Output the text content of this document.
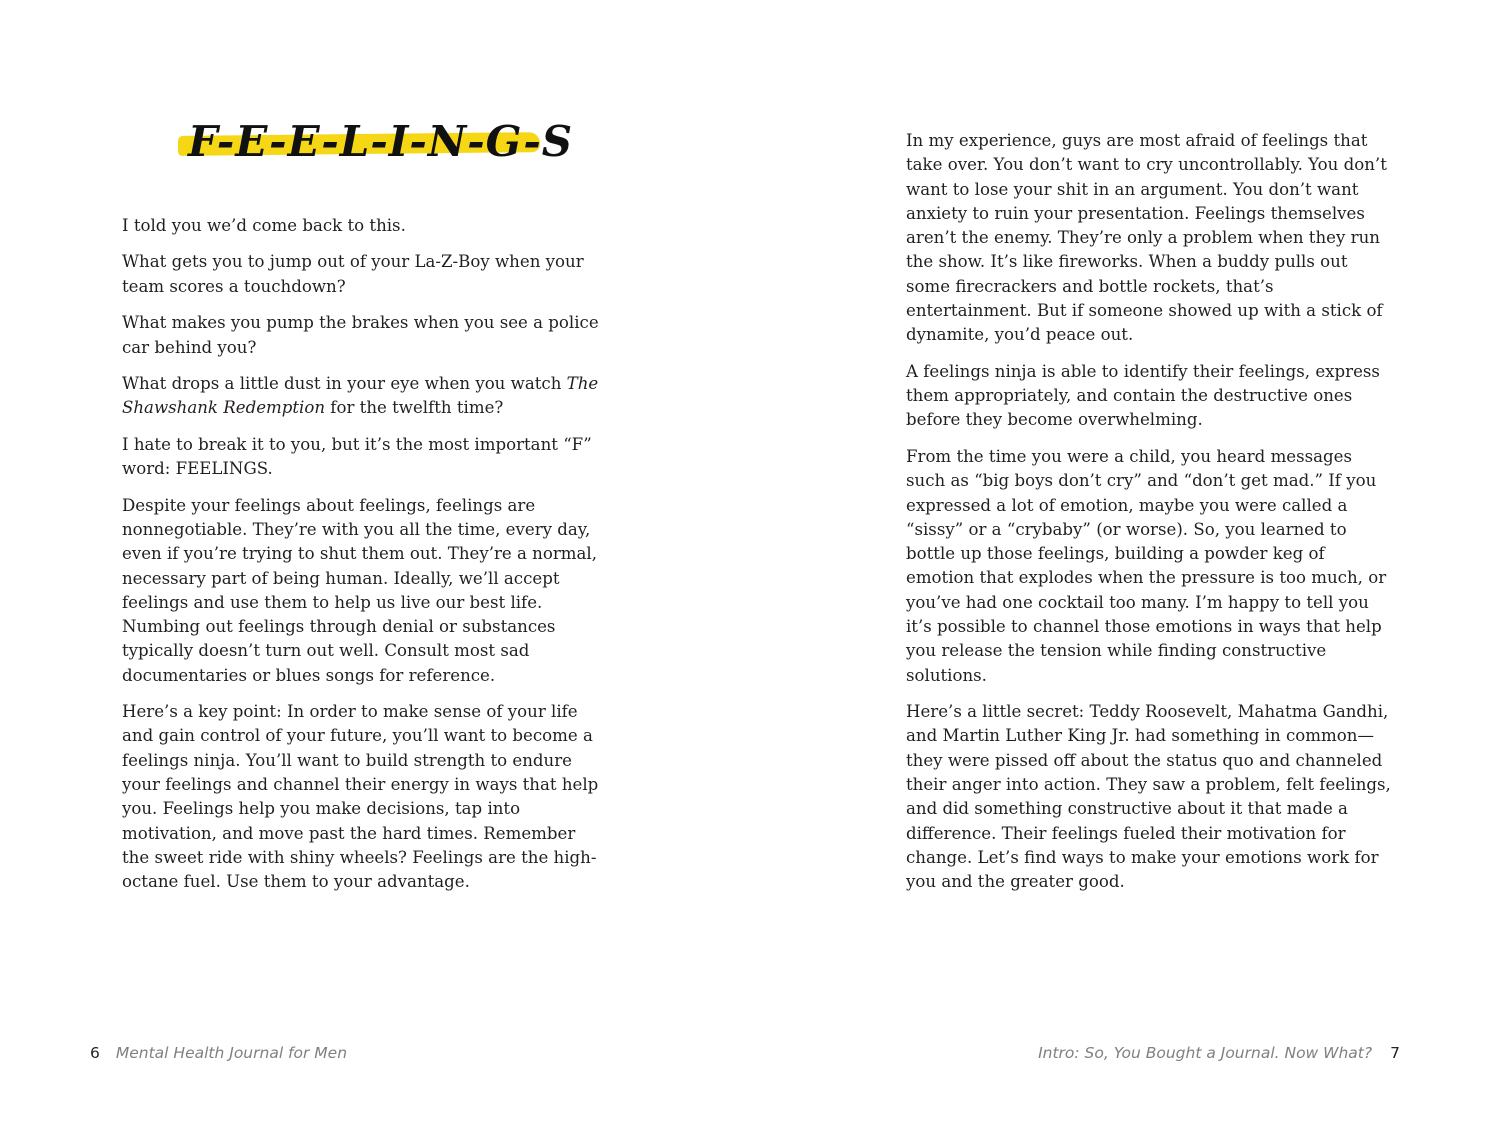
F-E-E-L-I-N-G-S

I told you we’d come back to this.

What gets you to jump out of your La-Z-Boy when your team scores a touchdown?

What makes you pump the brakes when you see a police car behind you?

What drops a little dust in your eye when you watch The Shawshank Redemption for the twelfth time?

I hate to break it to you, but it’s the most important “F” word: FEELINGS.

Despite your feelings about feelings, feelings are nonnegotiable. They’re with you all the time, every day, even if you’re trying to shut them out. They’re a normal, necessary part of being human. Ideally, we’ll accept feelings and use them to help us live our best life. Numbing out feelings through denial or substances typically doesn’t turn out well. Consult most sad documentaries or blues songs for reference.

Here’s a key point: In order to make sense of your life and gain control of your future, you’ll want to become a feelings ninja. You’ll want to build strength to endure your feelings and channel their energy in ways that help you. Feelings help you make decisions, tap into motivation, and move past the hard times. Remember the sweet ride with shiny wheels? Feelings are the high-octane fuel. Use them to your advantage.

6 Mental Health Journal for Men

In my experience, guys are most afraid of feelings that take over. You don’t want to cry uncontrollably. You don’t want to lose your shit in an argument. You don’t want anxiety to ruin your presentation. Feelings themselves aren’t the enemy. They’re only a problem when they run the show. It’s like fireworks. When a buddy pulls out some firecrackers and bottle rockets, that’s entertainment. But if someone showed up with a stick of dynamite, you’d peace out.

A feelings ninja is able to identify their feelings, express them appropriately, and contain the destructive ones before they become overwhelming.

From the time you were a child, you heard messages such as “big boys don’t cry” and “don’t get mad.” If you expressed a lot of emotion, maybe you were called a “sissy” or a “crybaby” (or worse). So, you learned to bottle up those feelings, building a powder keg of emotion that explodes when the pressure is too much, or you’ve had one cocktail too many. I’m happy to tell you it’s possible to channel those emotions in ways that help you release the tension while finding constructive solutions.

Here’s a little secret: Teddy Roosevelt, Mahatma Gandhi, and Martin Luther King Jr. had something in common—they were pissed off about the status quo and channeled their anger into action. They saw a problem, felt feelings, and did something constructive about it that made a difference. Their feelings fueled their motivation for change. Let’s find ways to make your emotions work for you and the greater good.

Intro: So, You Bought a Journal. Now What? 7
